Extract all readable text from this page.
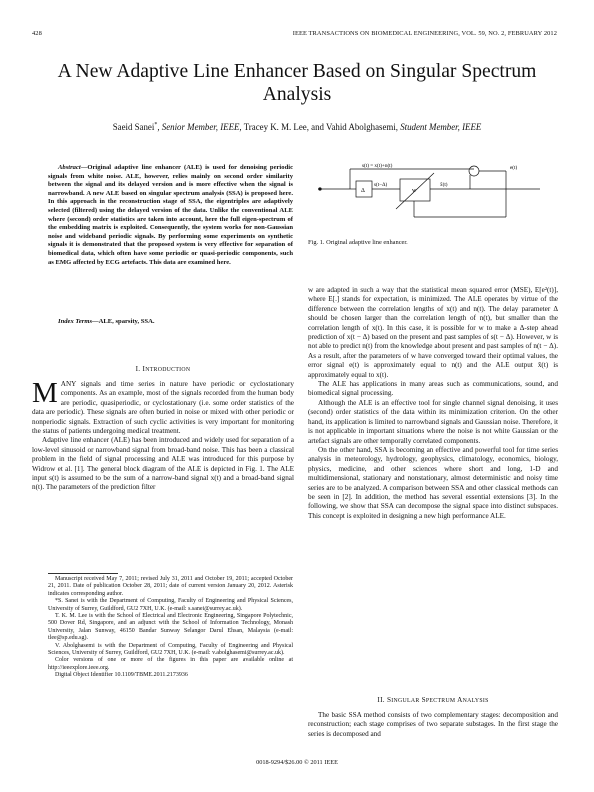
428	IEEE TRANSACTIONS ON BIOMEDICAL ENGINEERING, VOL. 59, NO. 2, FEBRUARY 2012
A New Adaptive Line Enhancer Based on Singular Spectrum Analysis
Saeid Sanei*, Senior Member, IEEE, Tracey K. M. Lee, and Vahid Abolghasemi, Student Member, IEEE

Abstract—Original adaptive line enhancer (ALE) is used for denoising periodic signals from white noise. ALE, however, relies mainly on second order similarity between the signal and its delayed version and is more effective when the signal is narrowband. A new ALE based on singular spectrum analysis (SSA) is proposed here. In this approach in the reconstruction stage of SSA, the eigentriples are adaptively selected (filtered) using the delayed version of the data. Unlike the conventional ALE where (second) order statistics are taken into account, here the full eigen-spectrum of the embedding matrix is exploited. Consequently, the system works for non-Gaussian noise and wideband periodic signals. By performing some experiments on synthetic signals it is demonstrated that the proposed system is very effective for separation of biomedical data, which often have some periodic or quasi-periodic components, such as EMG affected by ECG artefacts. This data are examined here.

Index Terms—ALE, sparsity, SSA.

I. INTRODUCTION

MANY signals and time series in nature have periodic or cyclostationary components. As an example, most of the signals recorded from the human body are periodic, quasiperiodic, or cyclostationary (i.e. some order statistics of the data are periodic). These signals are often buried in noise or mixed with other periodic or nonperiodic signals. Extraction of such cyclic activities is very important for monitoring the status of patients undergoing medical treatment.

Adaptive line enhancer (ALE) has been introduced and widely used for separation of a low-level sinusoid or narrowband signal from broad-band noise. This has been a classical problem in the field of signal processing and ALE was introduced for this purpose by Widrow et al. [1]. The general block diagram of the ALE is depicted in Fig. 1. The ALE input s(t) is assumed to be the sum of a narrow-band signal x(t) and a broad-band signal n(t). The parameters of the prediction filter

Manuscript received May 7, 2011; revised July 31, 2011 and October 19, 2011; accepted October 21, 2011. Date of publication October 28, 2011; date of current version January 20, 2012. Asterisk indicates corresponding author.

*S. Sanei is with the Department of Computing, Faculty of Engineering and Physical Sciences, University of Surrey, Guildford, GU2 7XH, U.K. (e-mail: s.sanei@surrey.ac.uk).

T. K. M. Lee is with the School of Electrical and Electronic Engineering, Singapore Polytechnic, 500 Dover Rd, Singapore, and an adjunct with the School of Information Technology, Monash University, Jalan Sunway, 46150 Bandar Sunway Selangor Darul Ehsan, Malaysia (e-mail: tlee@sp.edu.sg).

V. Abolghasemi is with the Department of Computing, Faculty of Engineering and Physical Sciences, University of Surrey, Guildford, GU2 7XH, U.K. (e-mail: v.abolghasemi@surrey.ac.uk).

Color versions of one or more of the figures in this paper are available online at http://ieeexplore.ieee.org.

Digital Object Identifier 10.1109/TBME.2011.2173936

s(t) = x(t)+n(t)
s(t−Δ)
Δ	w
x̂(t)
e(t)
Fig. 1. Original adaptive line enhancer.

w are adapted in such a way that the statistical mean squared error (MSE), E[e²(t)], where E[.] stands for expectation, is minimized. The ALE operates by virtue of the difference between the correlation lengths of x(t) and n(t). The delay parameter Δ should be chosen larger than the correlation length of n(t), but smaller than the correlation length of x(t). In this case, it is possible for w to make a Δ-step ahead prediction of x(t − Δ) based on the present and past samples of s(t − Δ). However, w is not able to predict n(t) from the knowledge about present and past samples of n(t − Δ). As a result, after the parameters of w have converged toward their optimal values, the error signal e(t) is approximately equal to n(t) and the ALE output x̂(t) is approximately equal to x(t).

The ALE has applications in many areas such as communications, sound, and biomedical signal processing.

Although the ALE is an effective tool for single channel signal denoising, it uses (second) order statistics of the data within its minimization criterion. On the other hand, its application is limited to narrowband signals and Gaussian noise. Therefore, it is not applicable in important situations where the noise is not white Gaussian or the artefact signals are other temporally correlated components.

On the other hand, SSA is becoming an effective and powerful tool for time series analysis in meteorology, hydrology, geophysics, climatology, economics, biology, physics, medicine, and other sciences where short and long, 1-D and multidimensional, stationary and nonstationary, almost deterministic and noisy time series are to be analyzed. A comparison between SSA and other classical methods can be seen in [2]. In addition, the method has several essential extensions [3]. In the following, we show that SSA can decompose the signal space into distinct subspaces. This concept is exploited in designing a new high performance ALE.

II. SINGULAR SPECTRUM ANALYSIS

The basic SSA method consists of two complementary stages: decomposition and reconstruction; each stage comprises of two separate substages. In the first stage the series is decomposed and

0018-9294/$26.00 © 2011 IEEE
